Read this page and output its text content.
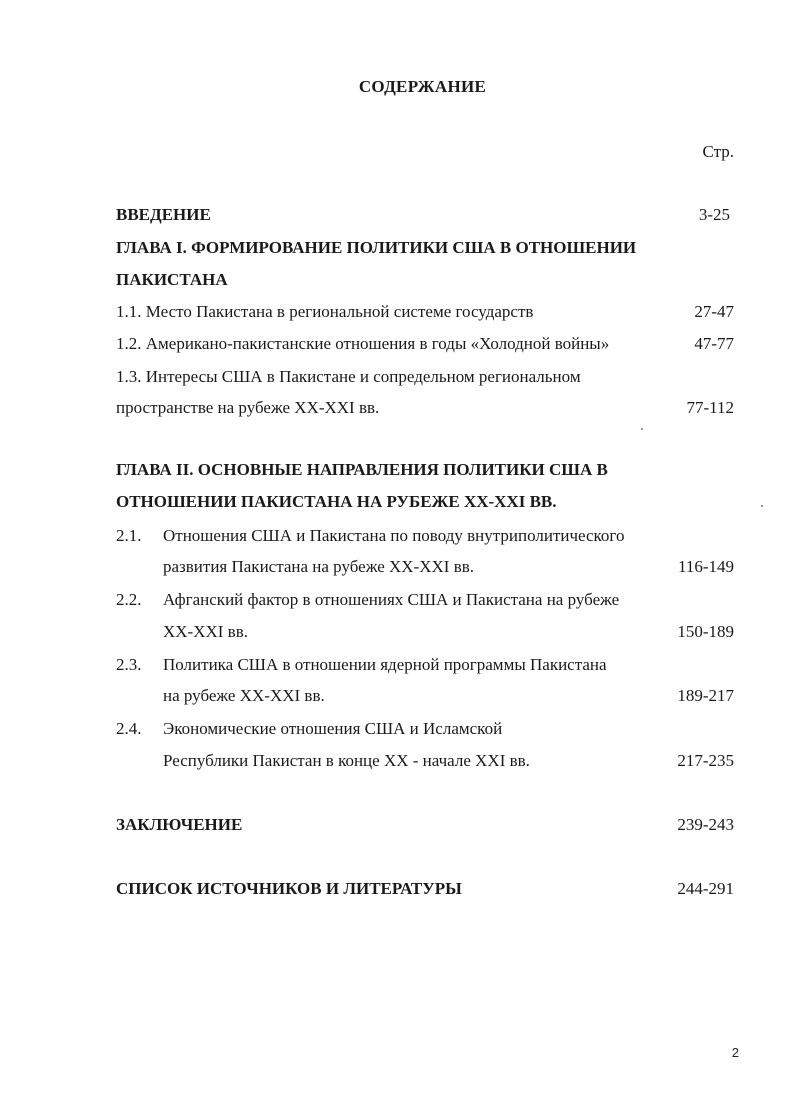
СОДЕРЖАНИЕ
Стр.
ВВЕДЕНИЕ	3-25
ГЛАВА I. ФОРМИРОВАНИЕ ПОЛИТИКИ США В ОТНОШЕНИИ
ПАКИСТАНА
1.1. Место Пакистана в региональной системе государств	27-47
1.2. Американо-пакистанские отношения в годы «Холодной войны»	47-77
1.3. Интересы США в Пакистане и сопредельном региональном
пространстве на рубеже XX-XXI вв.	77-112
ГЛАВА II. ОСНОВНЫЕ НАПРАВЛЕНИЯ ПОЛИТИКИ США В
ОТНОШЕНИИ ПАКИСТАНА НА РУБЕЖЕ XX-XXI ВВ.
2.1. Отношения США и Пакистана по поводу внутриполитического
развития Пакистана на рубеже XX-XXI вв.	116-149
2.2. Афганский фактор в отношениях США и Пакистана на рубеже
XX-XXI вв.	150-189
2.3. Политика США в отношении ядерной программы Пакистана
на рубеже XX-XXI вв.	189-217
2.4. Экономические отношения США и Исламской
Республики Пакистан в конце XX - начале XXI вв.	217-235
ЗАКЛЮЧЕНИЕ	239-243
СПИСОК ИСТОЧНИКОВ И ЛИТЕРАТУРЫ	244-291
2
